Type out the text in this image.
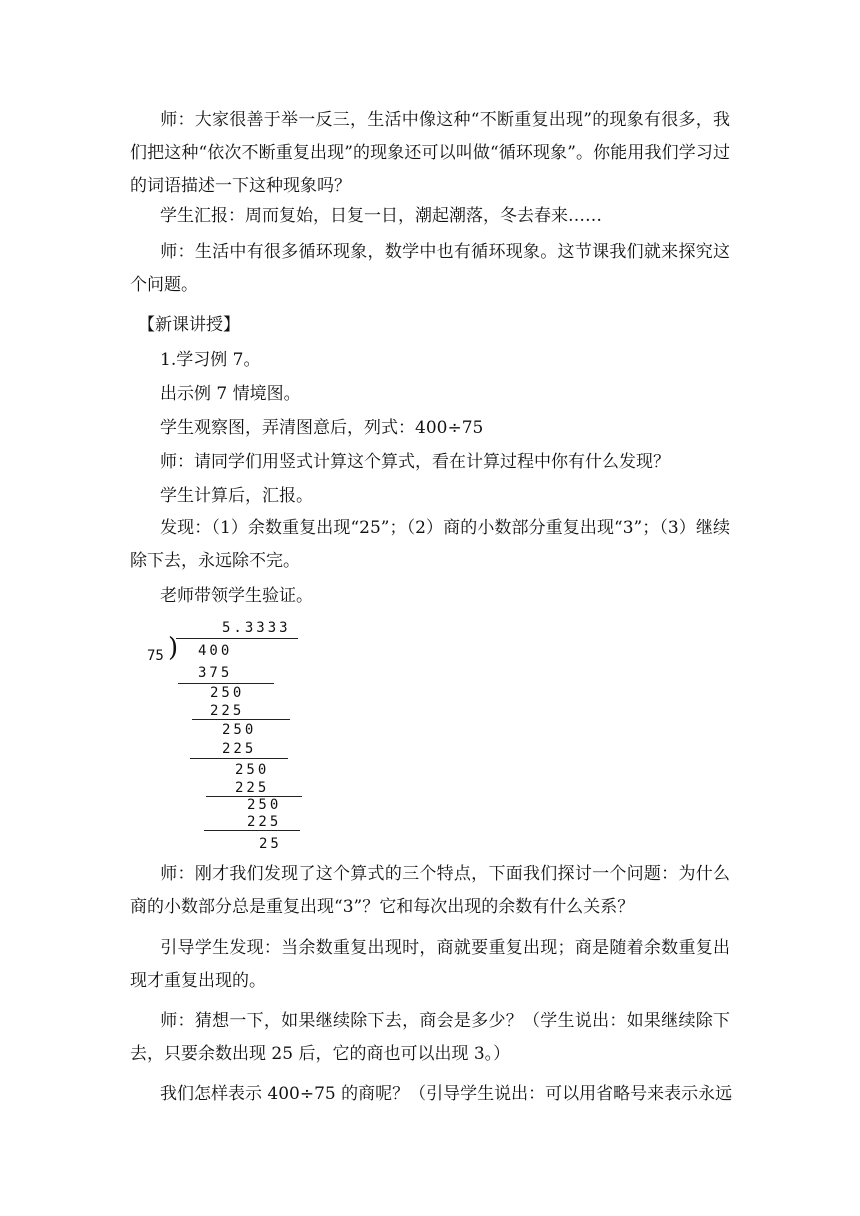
师：大家很善于举一反三，生活中像这种“不断重复出现”的现象有很多，我们把这种“依次不断重复出现”的现象还可以叫做“循环现象”。你能用我们学习过的词语描述一下这种现象吗？

学生汇报：周而复始，日复一日，潮起潮落，冬去春来……

师：生活中有很多循环现象，数学中也有循环现象。这节课我们就来探究这个问题。

【新课讲授】

1.学习例 7。

出示例 7 情境图。

学生观察图，弄清图意后，列式：400÷75

师：请同学们用竖式计算这个算式，看在计算过程中你有什么发现？

学生计算后，汇报。

发现：（1）余数重复出现“25”；（2）商的小数部分重复出现“3”；（3）继续除下去，永远除不完。

老师带领学生验证。

5.3333
)
75 400
375
250
225
250
225
250
225
250
225
25

师：刚才我们发现了这个算式的三个特点，下面我们探讨一个问题：为什么商的小数部分总是重复出现“3”？它和每次出现的余数有什么关系？

引导学生发现：当余数重复出现时，商就要重复出现；商是随着余数重复出现才重复出现的。

师：猜想一下，如果继续除下去，商会是多少？（学生说出：如果继续除下去，只要余数出现 25 后，它的商也可以出现 3。）

我们怎样表示 400÷75 的商呢？（引导学生说出：可以用省略号来表示永远
